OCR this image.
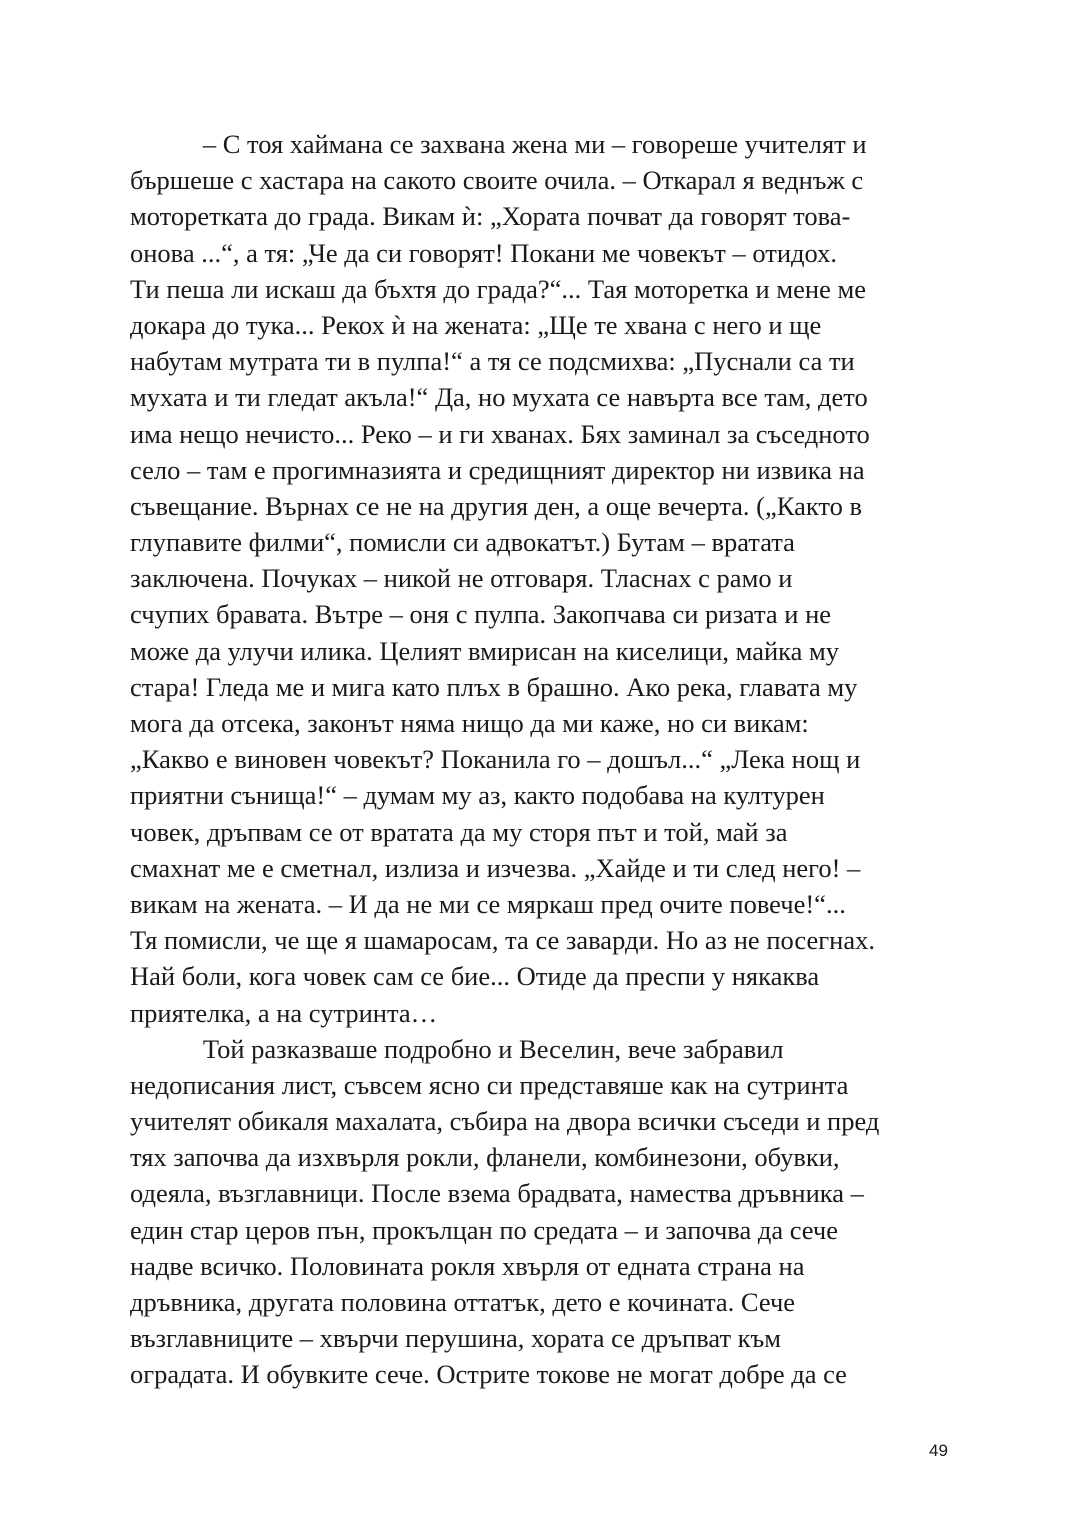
– С тоя хаймана се захвана жена ми – говореше учителят и
бършеше с хастара на сакото своите очила. – Откарал я веднъж с
моторетката до града. Викам ѝ: „Хората почват да говорят това-
онова ...“, а тя: „Че да си говорят! Покани ме човекът – отидох.
Ти пеша ли искаш да бъхтя до града?“... Тая моторетка и мене ме
докара до тука... Рекох ѝ на жената: „Ще те хвана с него и ще
набутам мутрата ти в пулпа!“ а тя се подсмихва: „Пуснали са ти
мухата и ти гледат акъла!“ Да, но мухата се навърта все там, дето
има нещо нечисто... Реко – и ги хванах. Бях заминал за съседното
село – там е прогимназията и средищният директор ни извика на
съвещание. Върнах се не на другия ден, а още вечерта. („Както в
глупавите филми“, помисли си адвокатът.) Бутам – вратата
заключена. Почуках – никой не отговаря. Тласнах с рамо и
счупих бравата. Вътре – оня с пулпа. Закопчава си ризата и не
може да улучи илика. Целият вмирисан на киселици, майка му
стара! Гледа ме и мига като плъх в брашно. Ако река, главата му
мога да отсека, законът няма нищо да ми каже, но си викам:
„Какво е виновен човекът? Поканила го – дошъл...“ „Лека нощ и
приятни сънища!“ – думам му аз, както подобава на културен
човек, дръпвам се от вратата да му сторя път и той, май за
смахнат ме е сметнал, излиза и изчезва. „Хайде и ти след него! –
викам на жената. – И да не ми се мяркаш пред очите повече!“...
Тя помисли, че ще я шамаросам, та се заварди. Но аз не посегнах.
Най боли, кога човек сам се бие... Отиде да преспи у някаква
приятелка, а на сутринта…
Той разказваше подробно и Веселин, вече забравил
недописания лист, съвсем ясно си представяше как на сутринта
учителят обикаля махалата, събира на двора всички съседи и пред
тях започва да изхвърля рокли, фланели, комбинезони, обувки,
одеяла, възглавници. После взема брадвата, намества дръвника –
един стар церов пън, прокълцан по средата – и започва да сече
надве всичко. Половината рокля хвърля от едната страна на
дръвника, другата половина оттатък, дето е кочината. Сече
възглавниците – хвърчи перушина, хората се дръпват към
оградата. И обувките сече. Острите токове не могат добре да се
49
